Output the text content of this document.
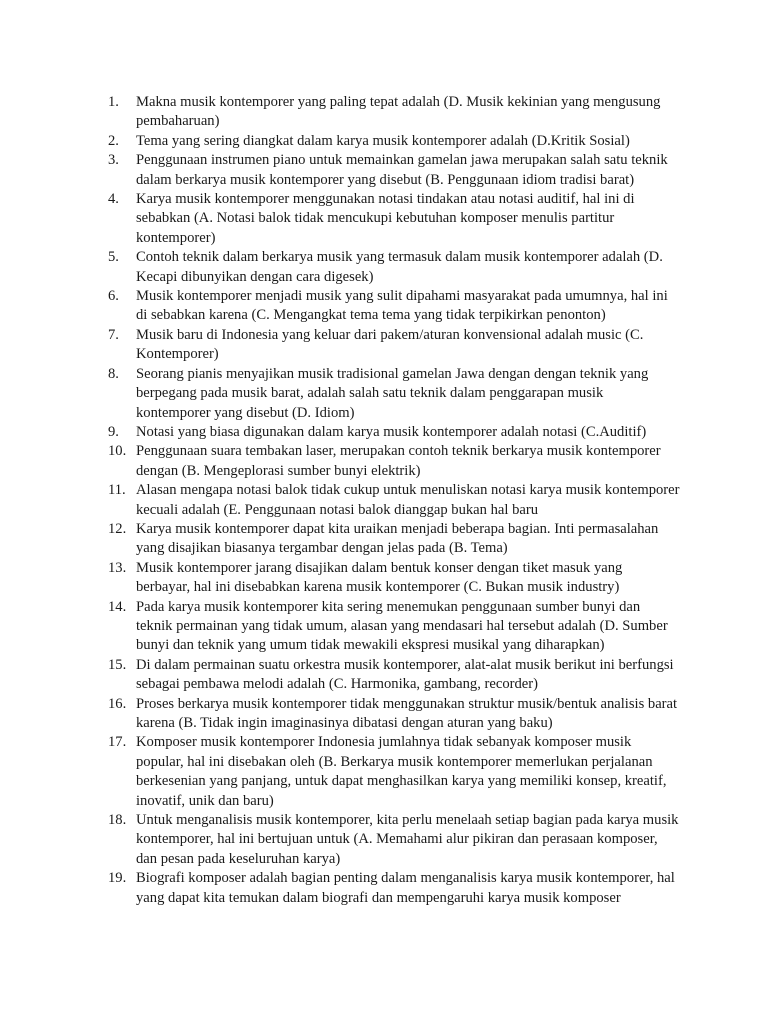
1.	Makna musik kontemporer yang paling tepat adalah (D. Musik kekinian yang mengusung pembaharuan)
2.	Tema yang sering diangkat dalam karya musik kontemporer adalah (D.Kritik Sosial)
3.	Penggunaan instrumen piano untuk memainkan gamelan jawa merupakan salah satu teknik dalam berkarya musik kontemporer yang disebut (B. Penggunaan idiom tradisi barat)
4.	Karya musik kontemporer menggunakan notasi tindakan atau notasi auditif, hal ini di sebabkan (A. Notasi balok tidak mencukupi kebutuhan komposer menulis partitur kontemporer)
5.	Contoh teknik dalam berkarya musik yang termasuk dalam musik kontemporer adalah (D. Kecapi dibunyikan dengan cara digesek)
6.	Musik kontemporer menjadi musik yang sulit dipahami masyarakat pada umumnya, hal ini di sebabkan karena (C. Mengangkat tema tema yang tidak terpikirkan penonton)
7.	Musik baru di Indonesia yang keluar dari pakem/aturan konvensional adalah music (C. Kontemporer)
8.	Seorang pianis menyajikan musik tradisional gamelan Jawa dengan dengan teknik yang berpegang pada musik barat, adalah salah satu teknik dalam penggarapan musik kontemporer yang disebut (D. Idiom)
9.	Notasi yang biasa digunakan dalam karya musik kontemporer adalah notasi (C.Auditif)
10. Penggunaan suara tembakan laser, merupakan contoh teknik berkarya musik kontemporer dengan (B. Mengeplorasi sumber bunyi elektrik)
11. Alasan mengapa notasi balok tidak cukup untuk menuliskan notasi karya musik kontemporer kecuali adalah (E. Penggunaan notasi balok dianggap bukan hal baru
12. Karya musik kontemporer dapat kita uraikan menjadi beberapa bagian. Inti permasalahan yang disajikan biasanya tergambar dengan jelas pada (B. Tema)
13. Musik kontemporer jarang disajikan dalam bentuk konser dengan tiket masuk yang berbayar, hal ini disebabkan karena musik kontemporer (C. Bukan musik industry)
14. Pada karya musik kontemporer kita sering menemukan penggunaan sumber bunyi dan teknik permainan yang tidak umum, alasan yang mendasari hal tersebut adalah (D. Sumber bunyi dan teknik yang umum tidak mewakili ekspresi musikal yang diharapkan)
15. Di dalam permainan suatu orkestra musik kontemporer, alat-alat musik berikut ini berfungsi sebagai pembawa melodi adalah (C. Harmonika, gambang, recorder)
16. Proses berkarya musik kontemporer tidak menggunakan struktur musik/bentuk analisis barat karena (B. Tidak ingin imaginasinya dibatasi dengan aturan yang baku)
17. Komposer musik kontemporer Indonesia jumlahnya tidak sebanyak komposer musik popular, hal ini disebakan oleh (B. Berkarya musik kontemporer memerlukan perjalanan berkesenian yang panjang, untuk dapat menghasilkan karya yang memiliki konsep, kreatif, inovatif, unik dan baru)
18. Untuk menganalisis musik kontemporer, kita perlu menelaah setiap bagian pada karya musik kontemporer, hal ini bertujuan untuk (A. Memahami alur pikiran dan perasaan komposer, dan pesan pada keseluruhan karya)
19. Biografi komposer adalah bagian penting dalam menganalisis karya musik kontemporer, hal yang dapat kita temukan dalam biografi dan mempengaruhi karya musik komposer
